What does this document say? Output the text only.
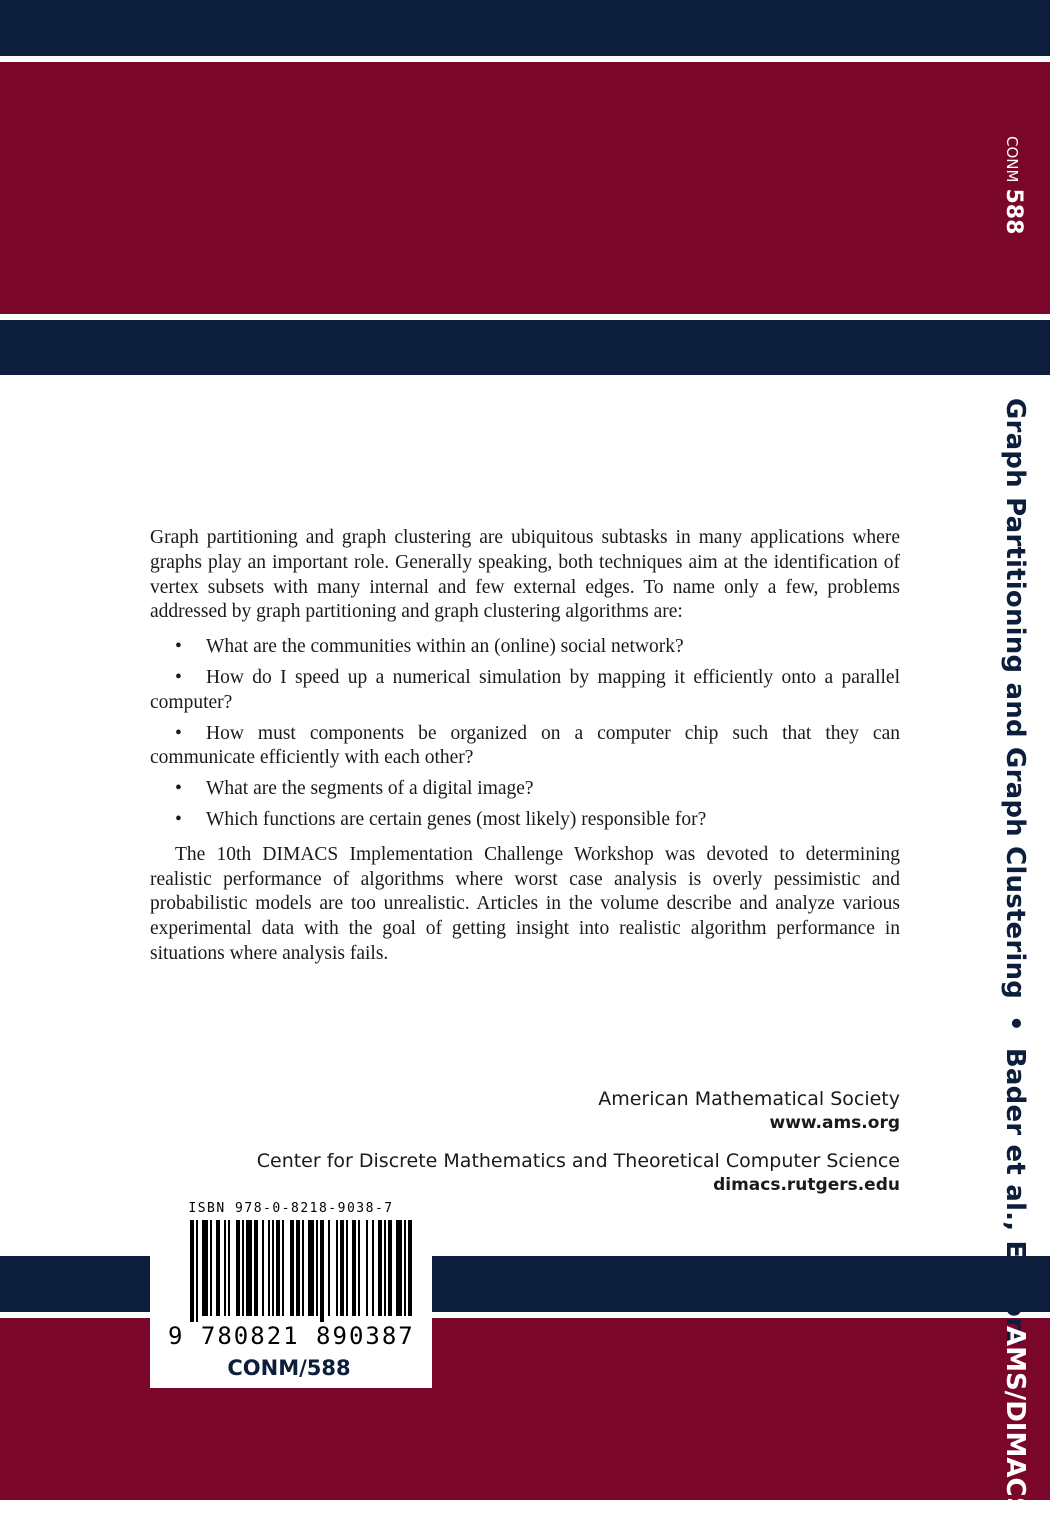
CONM588
Graph Partitioning and Graph Clustering•Bader et al., Editors
AMS/DIMACS

Graph partitioning and graph clustering are ubiquitous subtasks in many applications where graphs play an important role. Generally speaking, both techniques aim at the identification of vertex subsets with many internal and few external edges. To name only a few, problems addressed by graph partitioning and graph clustering algorithms are:

• What are the communities within an (online) social network?
• How do I speed up a numerical simulation by mapping it efficiently onto a parallel computer?
• How must components be organized on a computer chip such that they can communicate efficiently with each other?
• What are the segments of a digital image?
• Which functions are certain genes (most likely) responsible for?

The 10th DIMACS Implementation Challenge Workshop was devoted to determining realistic performance of algorithms where worst case analysis is overly pessimistic and probabilistic models are too unrealistic. Articles in the volume describe and analyze various experimental data with the goal of getting insight into realistic algorithm performance in situations where analysis fails.

American Mathematical Society
www.ams.org
Center for Discrete Mathematics and Theoretical Computer Science
dimacs.rutgers.edu
ISBN 978-0-8218-9038-7
9 780821 890387
CONM/588
